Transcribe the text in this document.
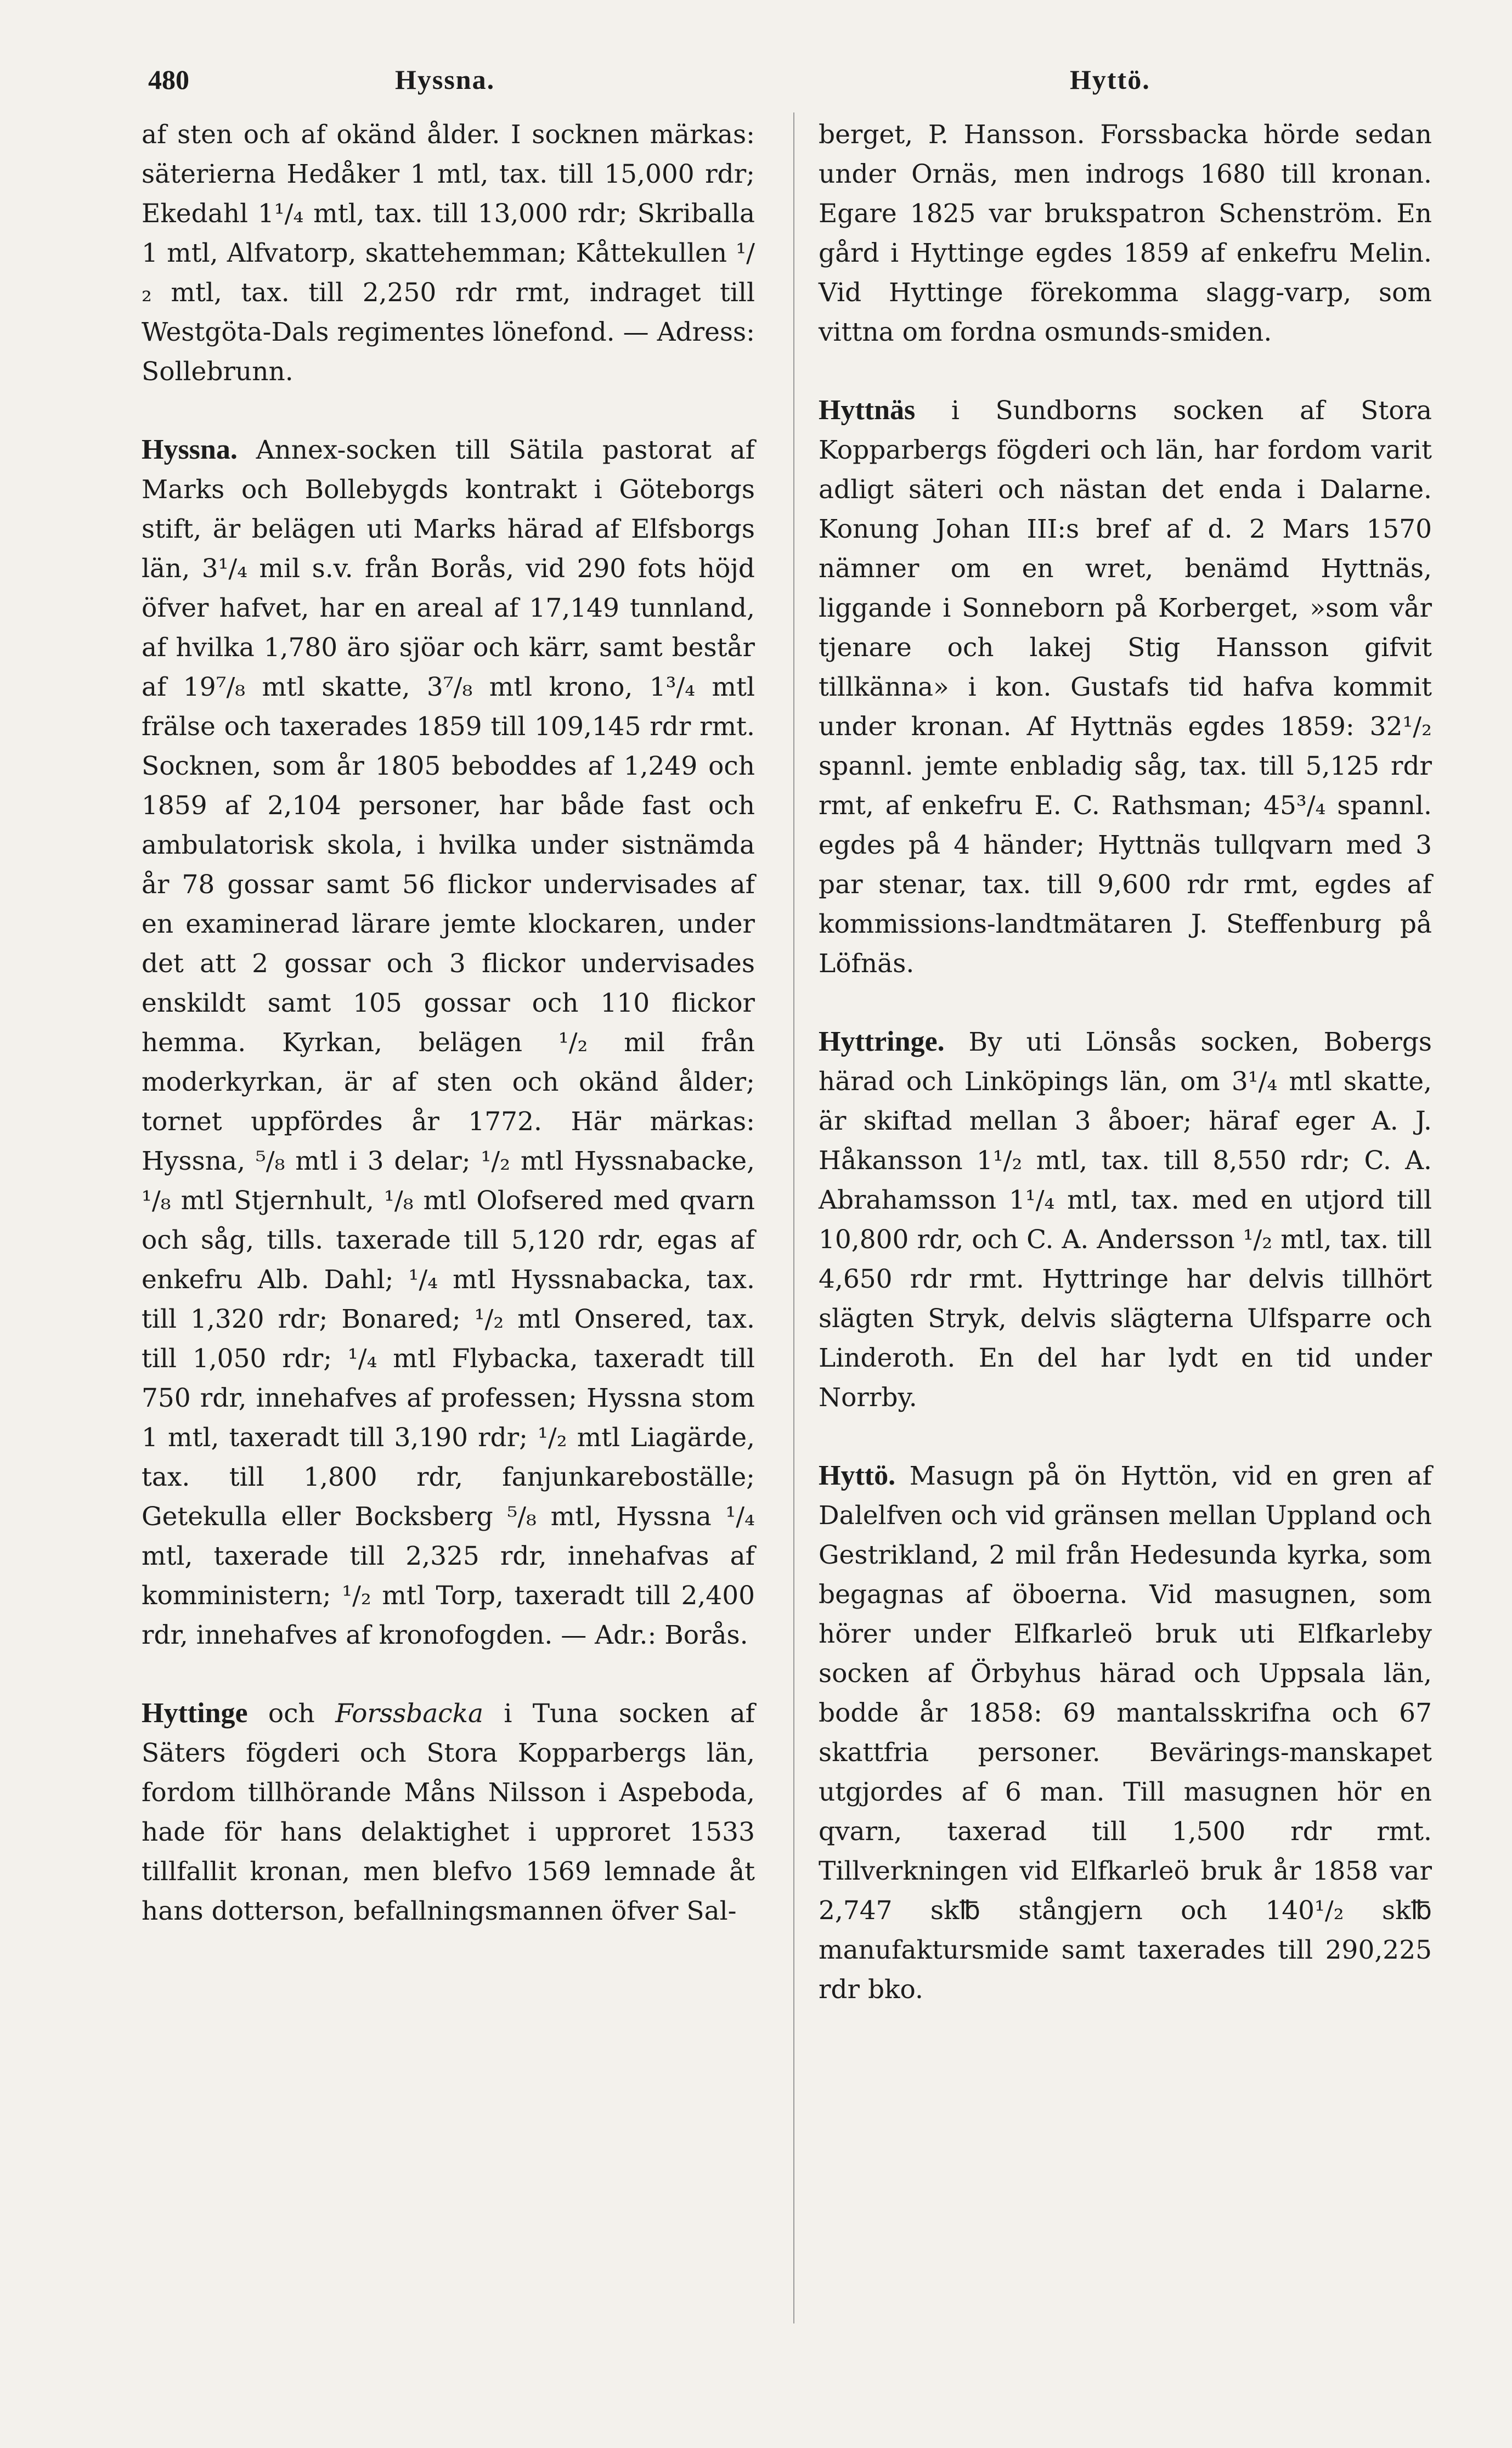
480	Hyssna.	Hyttö.

af sten och af okänd ålder. I socknen märkas: säterierna Hedåker 1 mtl, tax. till 15,000 rdr; Ekedahl 1¹/₄ mtl, tax. till 13,000 rdr; Skriballa 1 mtl, Alfvatorp, skattehemman; Kåttekullen ¹/₂ mtl, tax. till 2,250 rdr rmt, indraget till Westgöta-Dals regimentes lönefond. — Adress: Sollebrunn.

Hyssna. Annex-socken till Sätila pastorat af Marks och Bollebygds kontrakt i Göteborgs stift, är belägen uti Marks härad af Elfsborgs län, 3¹/₄ mil s.v. från Borås, vid 290 fots höjd öfver hafvet, har en areal af 17,149 tunnland, af hvilka 1,780 äro sjöar och kärr, samt består af 19⁷/₈ mtl skatte, 3⁷/₈ mtl krono, 1³/₄ mtl frälse och taxerades 1859 till 109,145 rdr rmt. Socknen, som år 1805 beboddes af 1,249 och 1859 af 2,104 personer, har både fast och ambulatorisk skola, i hvilka under sistnämda år 78 gossar samt 56 flickor undervisades af en examinerad lärare jemte klockaren, under det att 2 gossar och 3 flickor undervisades enskildt samt 105 gossar och 110 flickor hemma. Kyrkan, belägen ¹/₂ mil från moderkyrkan, är af sten och okänd ålder; tornet uppfördes år 1772. Här märkas: Hyssna, ⁵/₈ mtl i 3 delar; ¹/₂ mtl Hyssnabacke, ¹/₈ mtl Stjernhult, ¹/₈ mtl Olofsered med qvarn och såg, tills. taxerade till 5,120 rdr, egas af enkefru Alb. Dahl; ¹/₄ mtl Hyssnabacka, tax. till 1,320 rdr; Bonared; ¹/₂ mtl Onsered, tax. till 1,050 rdr; ¹/₄ mtl Flybacka, taxeradt till 750 rdr, innehafves af professen; Hyssna stom 1 mtl, taxeradt till 3,190 rdr; ¹/₂ mtl Liagärde, tax. till 1,800 rdr, fanjunkareboställe; Getekulla eller Bocksberg ⁵/₈ mtl, Hyssna ¹/₄ mtl, taxerade till 2,325 rdr, innehafvas af komministern; ¹/₂ mtl Torp, taxeradt till 2,400 rdr, innehafves af kronofogden. — Adr.: Borås.

Hyttinge och Forssbacka i Tuna socken af Säters fögderi och Stora Kopparbergs län, fordom tillhörande Måns Nilsson i Aspeboda, hade för hans delaktighet i upproret 1533 tillfallit kronan, men blefvo 1569 lemnade åt hans dotterson, befallningsmannen öfver Sal-

berget, P. Hansson. Forssbacka hörde sedan under Ornäs, men indrogs 1680 till kronan. Egare 1825 var brukspatron Schenström. En gård i Hyttinge egdes 1859 af enkefru Melin. Vid Hyttinge förekomma slagg-varp, som vittna om fordna osmunds-smiden.

Hyttnäs i Sundborns socken af Stora Kopparbergs fögderi och län, har fordom varit adligt säteri och nästan det enda i Dalarne. Konung Johan III:s bref af d. 2 Mars 1570 nämner om en wret, benämd Hyttnäs, liggande i Sonneborn på Korberget, »som vår tjenare och lakej Stig Hansson gifvit tillkänna» i kon. Gustafs tid hafva kommit under kronan. Af Hyttnäs egdes 1859: 32¹/₂ spannl. jemte enbladig såg, tax. till 5,125 rdr rmt, af enkefru E. C. Rathsman; 45³/₄ spannl. egdes på 4 händer; Hyttnäs tullqvarn med 3 par stenar, tax. till 9,600 rdr rmt, egdes af kommissions-landtmätaren J. Steffenburg på Löfnäs.

Hyttringe. By uti Lönsås socken, Bobergs härad och Linköpings län, om 3¹/₄ mtl skatte, är skiftad mellan 3 åboer; häraf eger A. J. Håkansson 1¹/₂ mtl, tax. till 8,550 rdr; C. A. Abrahamsson 1¹/₄ mtl, tax. med en utjord till 10,800 rdr, och C. A. Andersson ¹/₂ mtl, tax. till 4,650 rdr rmt. Hyttringe har delvis tillhört slägten Stryk, delvis slägterna Ulfsparre och Linderoth. En del har lydt en tid under Norrby.

Hyttö. Masugn på ön Hyttön, vid en gren af Dalelfven och vid gränsen mellan Uppland och Gestrikland, 2 mil från Hedesunda kyrka, som begagnas af öboerna. Vid masugnen, som hörer under Elfkarleö bruk uti Elfkarleby socken af Örbyhus härad och Uppsala län, bodde år 1858: 69 mantalsskrifna och 67 skattfria personer. Bevärings-manskapet utgjordes af 6 man. Till masugnen hör en qvarn, taxerad till 1,500 rdr rmt. Tillverkningen vid Elfkarleö bruk år 1858 var 2,747 sk℔ stångjern och 140¹/₂ sk℔ manufaktursmide samt taxerades till 290,225 rdr bko.
